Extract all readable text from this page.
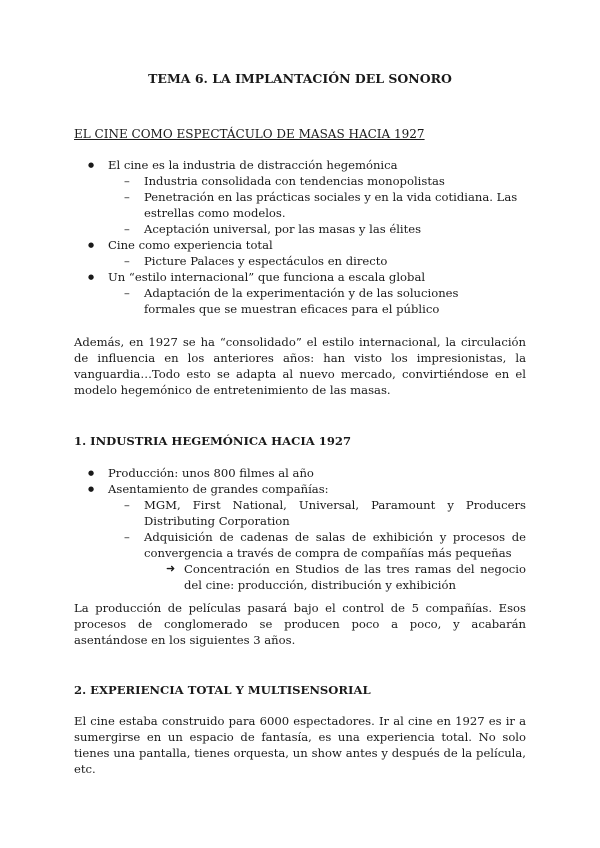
TEMA 6. LA IMPLANTACIÓN DEL SONORO
EL CINE COMO ESPECTÁCULO DE MASAS HACIA 1927
● El cine es la industria de distracción hegemónica
– Industria consolidada con tendencias monopolistas
– Penetración en las prácticas sociales y en la vida cotidiana. Las estrellas como modelos.
– Aceptación universal, por las masas y las élites
● Cine como experiencia total
– Picture Palaces y espectáculos en directo
● Un “estilo internacional” que funciona a escala global
– Adaptación de la experimentación y de las soluciones formales que se muestran eficaces para el público

Además, en 1927 se ha “consolidado” el estilo internacional, la circulación de influencia en los anteriores años: han visto los impresionistas, la vanguardia…Todo esto se adapta al nuevo mercado, convirtiéndose en el modelo hegemónico de entretenimiento de las masas.

1. INDUSTRIA HEGEMÓNICA HACIA 1927
● Producción: unos 800 filmes al año
● Asentamiento de grandes compañías:
– MGM, First National, Universal, Paramount y Producers Distributing Corporation
– Adquisición de cadenas de salas de exhibición y procesos de convergencia a través de compra de compañías más pequeñas
➜ Concentración en Studios de las tres ramas del negocio del cine: producción, distribución y exhibición

La producción de películas pasará bajo el control de 5 compañías. Esos procesos de conglomerado se producen poco a poco, y acabarán asentándose en los siguientes 3 años.

2. EXPERIENCIA TOTAL Y MULTISENSORIAL

El cine estaba construido para 6000 espectadores. Ir al cine en 1927 es ir a sumergirse en un espacio de fantasía, es una experiencia total. No solo tienes una pantalla, tienes orquesta, un show antes y después de la película, etc.
